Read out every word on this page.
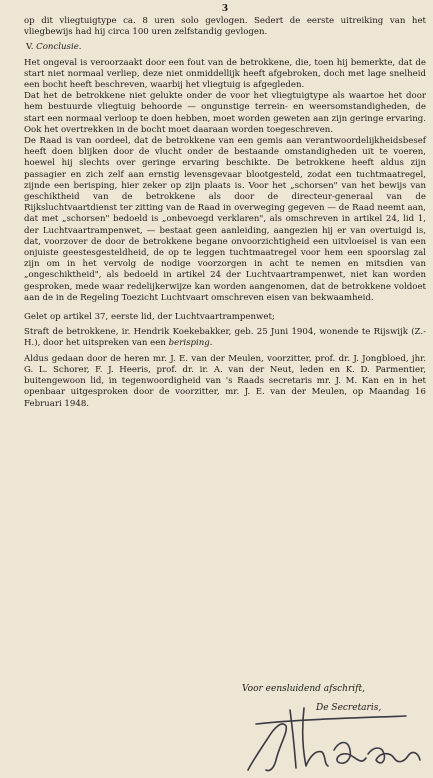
3

op dit vliegtuigtype ca. 8 uren solo gevlogen. Sedert de eerste uitreiking van het vliegbewijs had hij circa 100 uren zelfstandig gevlogen.

V. Conclusie.

Het ongeval is veroorzaakt door een fout van de betrokkene, die, toen hij bemerkte, dat de start niet normaal verliep, deze niet onmiddellijk heeft afgebroken, doch met lage snelheid een bocht heeft beschreven, waarbij het vliegtuig is afgegleden.

Dat het de betrokkene niet gelukte onder de voor het vliegtuigtype als waartoe het door hem bestuurde vliegtuig behoorde — ongunstige terrein- en weersomstandigheden, de start een normaal verloop te doen hebben, moet worden geweten aan zijn geringe ervaring. Ook het overtrekken in de bocht moet daaraan worden toegeschreven.

De Raad is van oordeel, dat de betrokkene van een gemis aan verantwoordelijkheidsbesef heeft doen blijken door de vlucht onder de bestaande omstandigheden uit te voeren, hoewel hij slechts over geringe ervaring beschikte. De betrokkene heeft aldus zijn passagier en zich zelf aan ernstig levensgevaar blootgesteld, zodat een tuchtmaatregel, zijnde een berisping, hier zeker op zijn plaats is. Voor het „schorsen" van het bewijs van geschiktheid van de betrokkene als door de directeur-generaal van de Rijksluchtvaartdienst ter zitting van de Raad in overweging gegeven — de Raad neemt aan, dat met „schorsen" bedoeld is „onbevoegd verklaren", als omschreven in artikel 24, lid 1, der Luchtvaartrampenwet, — bestaat geen aanleiding, aangezien hij er van overtuigd is, dat, voorzover de door de betrokkene begane onvoorzichtigheid een uitvloeisel is van een onjuiste geestesgesteldheid, de op te leggen tuchtmaatregel voor hem een spoorslag zal zijn om in het vervolg de nodige voorzorgen in acht te nemen en mitsdien van „ongeschiktheid", als bedoeld in artikel 24 der Luchtvaartrampenwet, niet kan worden gesproken, mede waar redelijkerwijze kan worden aangenomen, dat de betrokkene voldoet aan de in de Regeling Toezicht Luchtvaart omschreven eisen van bekwaamheid.

Gelet op artikel 37, eerste lid, der Luchtvaartrampenwet;

Straft de betrokkene, ir. Hendrik Koekebakker, geb. 25 Juni 1904, wonende te Rijswijk (Z.-H.), door het uitspreken van een berisping.

Aldus gedaan door de heren mr. J. E. van der Meulen, voorzitter, prof. dr. J. Jongbloed, jhr. G. L. Schorer, F. J. Heeris, prof. dr. ir. A. van der Neut, leden en K. D. Parmentier, buitengewoon lid, in tegenwoordigheid van 's Raads secretaris mr. J. M. Kan en in het openbaar uitgesproken door de voorzitter, mr. J. E. van der Meulen, op Maandag 16 Februari 1948.

Voor eensluidend afschrift,
De Secretaris,
